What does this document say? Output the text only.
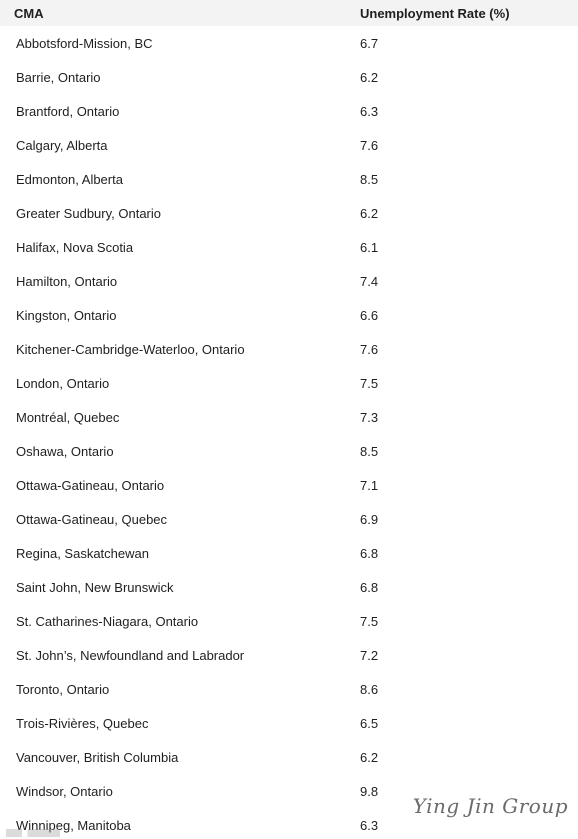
CMA	Unemployment Rate (%)
Abbotsford-Mission, BC	6.7
Barrie, Ontario	6.2
Brantford, Ontario	6.3
Calgary, Alberta	7.6
Edmonton, Alberta	8.5
Greater Sudbury, Ontario	6.2
Halifax, Nova Scotia	6.1
Hamilton, Ontario	7.4
Kingston, Ontario	6.6
Kitchener-Cambridge-Waterloo, Ontario	7.6
London, Ontario	7.5
Montréal, Quebec	7.3
Oshawa, Ontario	8.5
Ottawa-Gatineau, Ontario	7.1
Ottawa-Gatineau, Quebec	6.9
Regina, Saskatchewan	6.8
Saint John, New Brunswick	6.8
St. Catharines-Niagara, Ontario	7.5
St. John’s, Newfoundland and Labrador	7.2
Toronto, Ontario	8.6
Trois-Rivières, Quebec	6.5
Vancouver, British Columbia	6.2
Windsor, Ontario	9.8
Winnipeg, Manitoba	6.3
Ying Jin Group
